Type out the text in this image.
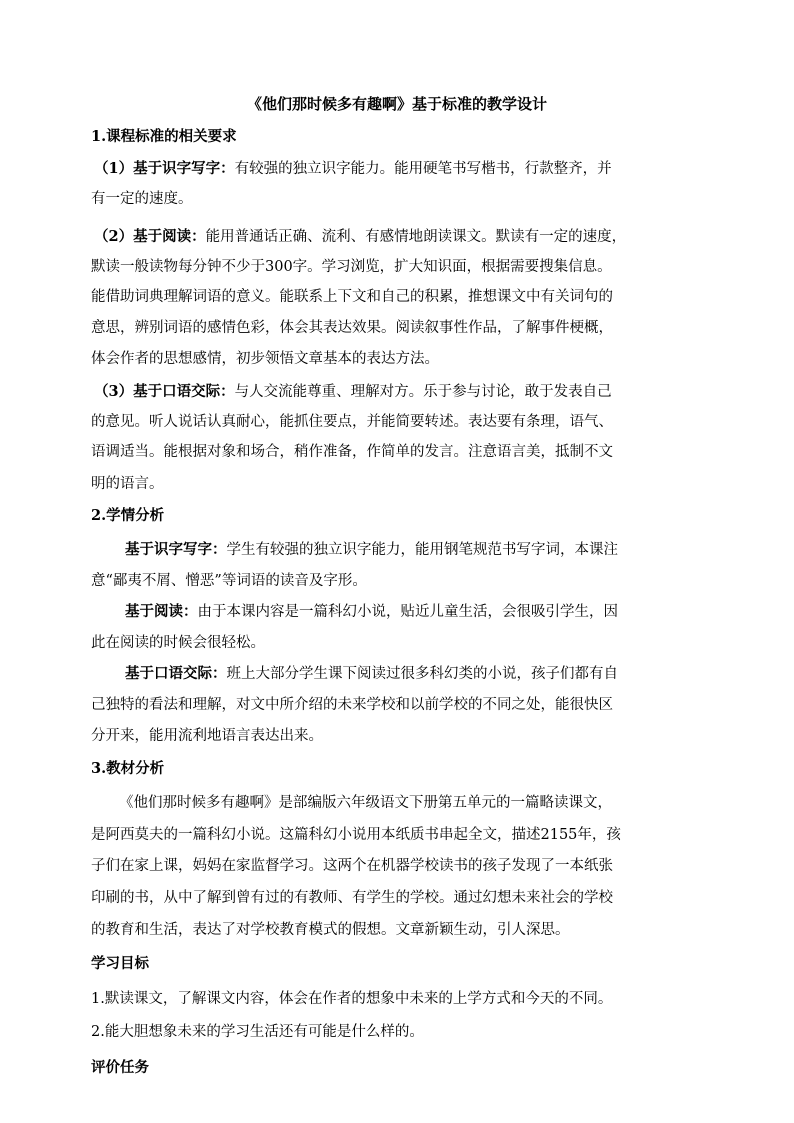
《他们那时候多有趣啊》基于标准的教学设计
1.课程标准的相关要求
（1）基于识字写字：有较强的独立识字能力。能用硬笔书写楷书，行款整齐，并
有一定的速度。
（2）基于阅读：能用普通话正确、流利、有感情地朗读课文。默读有一定的速度，
默读一般读物每分钟不少于300字。学习浏览，扩大知识面，根据需要搜集信息。
能借助词典理解词语的意义。能联系上下文和自己的积累，推想课文中有关词句的
意思，辨别词语的感情色彩，体会其表达效果。阅读叙事性作品，了解事件梗概，
体会作者的思想感情，初步领悟文章基本的表达方法。
（3）基于口语交际：与人交流能尊重、理解对方。乐于参与讨论，敢于发表自己
的意见。听人说话认真耐心，能抓住要点，并能简要转述。表达要有条理，语气、
语调适当。能根据对象和场合，稍作准备，作简单的发言。注意语言美，抵制不文
明的语言。
2.学情分析
基于识字写字：学生有较强的独立识字能力，能用钢笔规范书写字词，本课注
意“鄙夷不屑、憎恶”等词语的读音及字形。
基于阅读：由于本课内容是一篇科幻小说，贴近儿童生活，会很吸引学生，因
此在阅读的时候会很轻松。
基于口语交际：班上大部分学生课下阅读过很多科幻类的小说，孩子们都有自
己独特的看法和理解，对文中所介绍的未来学校和以前学校的不同之处，能很快区
分开来，能用流利地语言表达出来。
3.教材分析
《他们那时候多有趣啊》是部编版六年级语文下册第五单元的一篇略读课文，
是阿西莫夫的一篇科幻小说。这篇科幻小说用本纸质书串起全文，描述2155年，孩
子们在家上课，妈妈在家监督学习。这两个在机器学校读书的孩子发现了一本纸张
印刷的书，从中了解到曾有过的有教师、有学生的学校。通过幻想未来社会的学校
的教育和生活，表达了对学校教育模式的假想。文章新颖生动，引人深思。
学习目标
1.默读课文，了解课文内容，体会在作者的想象中未来的上学方式和今天的不同。
2.能大胆想象未来的学习生活还有可能是什么样的。
评价任务
